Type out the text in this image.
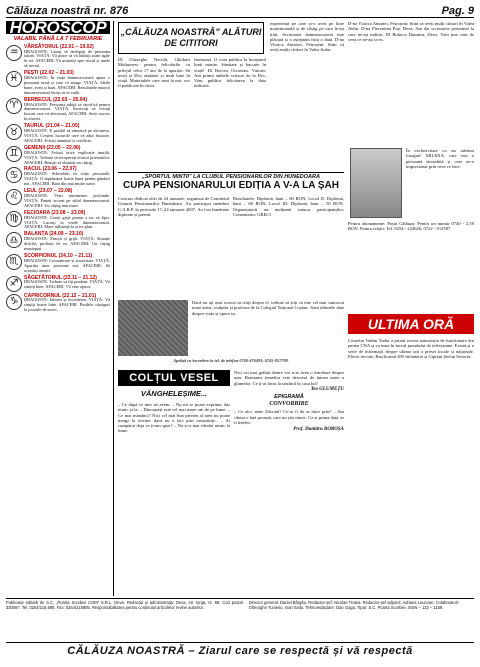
Călăuza noastră nr. 876	Pag. 9
HOROSCOP
VALABIL PÂNĂ LA 7 FEBRUARIE
♒
VĂRSĂTORUL (22.01 – 19.02)
DRAGOSTE: Lăsați să dezlipați de persoana iubită. VIAȚĂ: Vă place să vă lăudați toate agile în tot. AFACERI: Vă urmăriți spre riscul și unele să treceți.
♓
PEȘTI (22.02 – 21.03)
DRAGOSTE: În viața dumneavoastră apare o persoană nouă și care vă atrage. VIAȚĂ: Ideile bune, aveți și bani. AFACERI: Rezultatele muncii dumneavoastră încep să se vadă.
♈
BERBECUL (22.03 – 20.04)
DRAGOSTE: Persoana iubită se sacrifică pentru dumneavoastră. VIAȚĂ: Încercați să evitați lucruri care vă afectează. AFACERI: Aveți succes în afaceri.
♉
TAURUL (21.04 – 21.05)
DRAGOSTE: E posibil să rănească pe altcineva. VIAȚĂ: Creșteți lucrurile care vă aduc bucurie. AFACERI: Evitați anunțuri și conflicte.
♊
GEMENII (22.05 – 22.06)
DRAGOSTE: Evitați orice explicație inutilă. VIAȚĂ: Trebuie să recuperați efortul prieteniilor. AFACERI: Reușiți să obțineți un câștig.
♋
RACUL (23.06 – 22.07)
DRAGOSTE: Schimbări în viața personală. VIAȚĂ: O săptămână foarte bună pentru gânduri noi. AFACERI: Bani din mai multe surse.
♌
LEUL (23.07 – 22.08)
DRAGOSTE: Vreți sentimente profunde. VIAȚĂ: Puneți accent pe stilul dumneavoastră. AFACERI: Un câștig mai mare.
♍
FECIOARA (23.08 – 23.09)
DRAGOSTE: Cereți grijă pentru a nu vă lipsi. VIAȚĂ: Lucrați la visele dumneavoastră. AFACERI: Mare influență la orice plan.
♎
BALANȚA (24.09 – 23.10)
DRAGOSTE: Emoții și grijă. VIAȚĂ: Situație dificilă, profitați de ea. AFACERI: Un câștig neașteptat.
♏
SCORPIONUL (24.10 – 21.11)
DRAGOSTE: Comunicare și sinceritate. VIAȚĂ: Apariția unor persoane noi. AFACERI: Să acordați atenție.
♐
SĂGETĂTORUL (22.11 – 21.12)
DRAGOSTE: Trebuie să fiți prudent. VIAȚĂ: Vă simțiți bine. AFACERI: Vă vine ajutor.
♑
CAPRICORNUL (22.12 – 21.01)
DRAGOSTE: Iubirea și încrederea. VIAȚĂ: Vă simțiți foarte bine. AFACERI: Posibile câștiguri la jocurile de noroc.
„CĂLĂUZA NOASTRĂ” ALĂTURI DE CITITORI

Dl Gheorghe Neculă, Ghidarii Mulțumesc pentru felicitările cu prilejul celor 17 ani de la apariție. Să aveți și Dvs sănătate și mult bine în viață. Materialele care sunt la noi, vor fi publicate în viitor.

frumoasă. O vom publica la începutul lunii martie. Sănătate și bucurie în viață! Dl Borcea Octavian, Vulcan: Am primit ambele scrisori de la Dvs. Vom publica felicitarea la data indicată.

experiență pe care și-o avea pe linie matrimonială și de câștig pe care le-ați trăit. Scrisoarea dumneavoastră este plăcută și o așteptăm încă o dată. D-na Viorica Amariei, Petroșeni: Știm că aveți mulți cititori în Valea Jiului.

„SPORTUL MINTII” LA CLUBUL PENSIONARILOR DIN HUNEDOARA
CUPA PENSIONARULUI EDIȚIA A V-A LA ȘAH

Concurs dedicat zilei de 24 ianuarie, organizat de Comitetul Uniunii Pensionarilor Hunedoara. Au participat membrii C.A.R.P. în perioada 17–24 ianuarie 2007. Au fost înmânate diplome și premii.

Rezultatele: Diplomă, bani – 80 RON; Locul II: Diplomă, bani – 60 RON; Locul III: Diplomă, bani – 50 RON. Organizatorii au mulțumit tuturor participanților. Comentariu: GRECI

Dacă nu ați avut ocazia să citiți despre el, trebuie să știți că este cel mai cunoscut mare artist, sculptor și profesor de la Colegiul Național Coșbuc. Sunt ultimele date despre viața și opera sa.

Apelați cu încredere la tel. de telefon 0740-476493; 0745-857799.

D-na Viorica Amariei, Petroșeni: Știm că aveți mulți cititori în Valea Jiului. D-na Florentina Pop, Deva: Am dat scrisoarea persoanei la care ne-ați indicat. Dl Bobocu Dumitru, Deva: Vom ține cont de ceea ce ne-ați scris.

În exclusivitate cu un talentat fotograf. MILENA, care este o persoană deosebită și care ne-a impresionat prin ceea ce face.

Pentru abonamente: Poșta Călăuza: Pentru un număr 0740 - 2,50 RON. Pentru relații: Tel. 0254 - 222626; 0722 - 912587.

ULTIMA ORĂ

Corneliu Vadim Tudor a primit recent autorizația de funcționare din partea CNA și va intra în lucrul jurnalului de televiziune. Există și o serie de informații despre ultima oră a presei locale și naționale. Electe trecute, Basilicanul 495 Infanterie și Ciprian Ștefan Severin.

COLȚUL VESEL
VĂNGHELEȘIME...

– Ce după ce mor ne avem. – Nu mi se poate exprima, dar nimic și la. – Dinoașteți este cel mai mare om de pe lume. – Ce mai mănânci? Nici cel mai bun prieten al meu nu poate merge la oricine, dacă nu o faci prin cunoștințe... – Ai cumpărat deja ce ți-am spus? – Nu și-a mai vândut nimic la lume.

Nici cei mai grăbiți dintre voi n-ar avea o întrebare despre asta. Bonitatea femeilor este descrisă de lumea mare a glumelor. Ce ți-ai făcut la unchiul în casa lui?

Teo GLUMEȚU

EPIGRAMĂ
CONVORBIRE

– Ce zici, nene Zăvoiul? Ce-ai fi de se duce prin? – Am cântat o fată proastă, care nu știa nimic. Ca și prima dată, ar fi înțeles.

Prof. Dumitru BOBOȘA

Publicație editată de S.C. „Poarta Scorbiei COM” S.R.L. Deva. Redacția și administrația: Deva, str. Iorga, nr. 58. Cod poștal 330087. Tel. 0254/216.696, Fax: 0254/215905. Responsabilitatea pentru conținutul articolelor revine autorilor.
Director general: Daniel Bârgău. Redactor-șef: Nicolae Trotea. Redactor-șef adjunct: Adriana Leucean. Colaboratori: Gheorghe Tunieriu, Ioan Sintu. Tehnoredactare: Dan Goga. Tipar: S.C. Poarta Scorbiei. ISSN – 122 – 1159.
CĂLĂUZA NOASTRĂ – Ziarul care se respectă și vă respectă
